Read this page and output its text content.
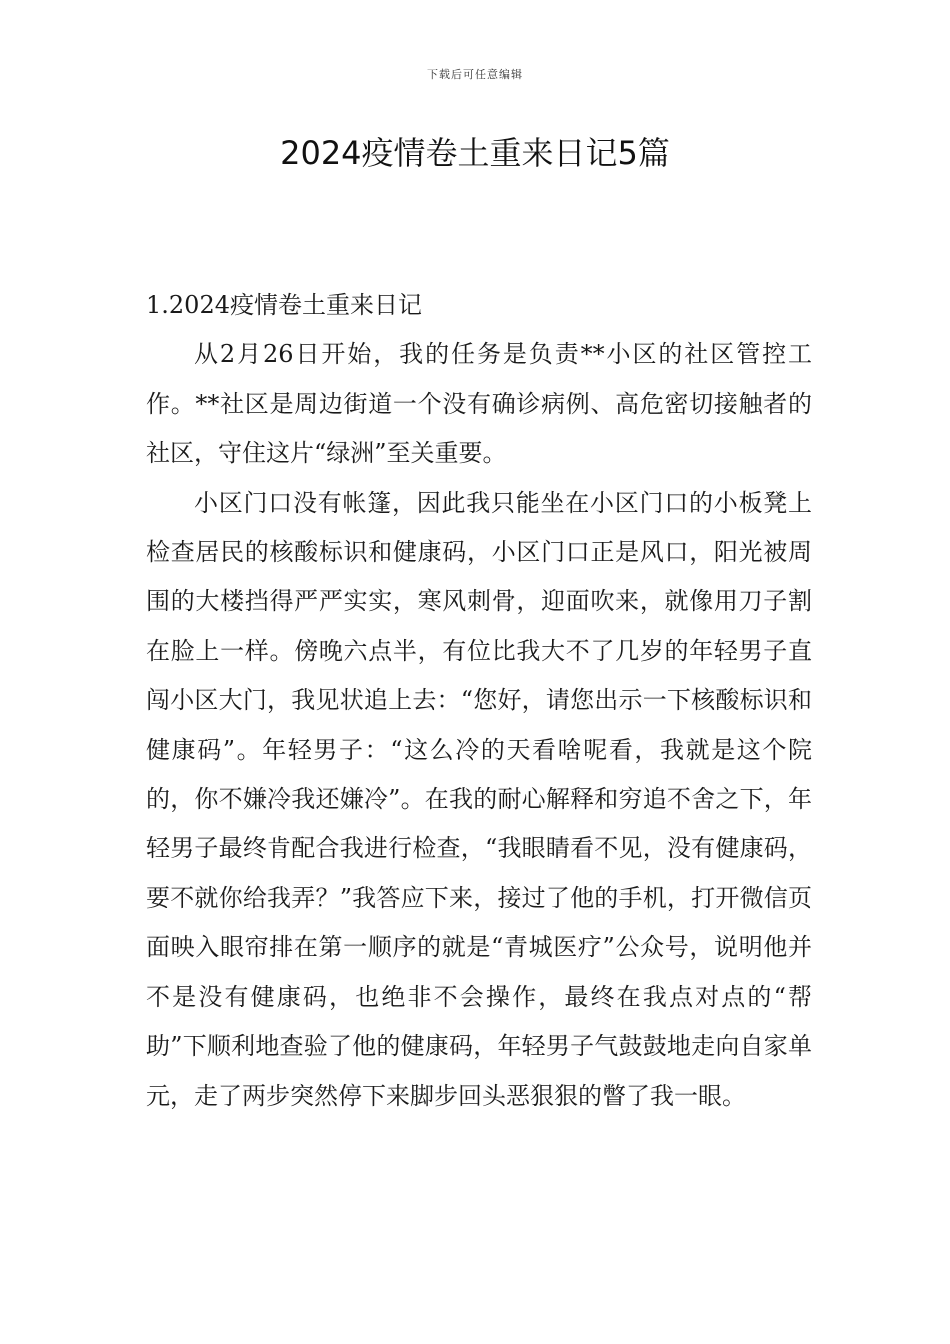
下载后可任意编辑
2024疫情卷土重来日记5篇

1.2024疫情卷土重来日记

从2月26日开始，我的任务是负责**小区的社区管控工作。**社区是周边街道一个没有确诊病例、高危密切接触者的社区，守住这片“绿洲”至关重要。

小区门口没有帐篷，因此我只能坐在小区门口的小板凳上检查居民的核酸标识和健康码，小区门口正是风口，阳光被周围的大楼挡得严严实实，寒风刺骨，迎面吹来，就像用刀子割在脸上一样。傍晚六点半，有位比我大不了几岁的年轻男子直闯小区大门，我见状追上去：“您好，请您出示一下核酸标识和健康码”。年轻男子：“这么冷的天看啥呢看，我就是这个院的，你不嫌冷我还嫌冷”。在我的耐心解释和穷追不舍之下，年轻男子最终肯配合我进行检查，“我眼睛看不见，没有健康码，要不就你给我弄？”我答应下来，接过了他的手机，打开微信页面映入眼帘排在第一顺序的就是“青城医疗”公众号，说明他并不是没有健康码，也绝非不会操作，最终在我点对点的“帮助”下顺利地查验了他的健康码，年轻男子气鼓鼓地走向自家单元，走了两步突然停下来脚步回头恶狠狠的瞥了我一眼。
